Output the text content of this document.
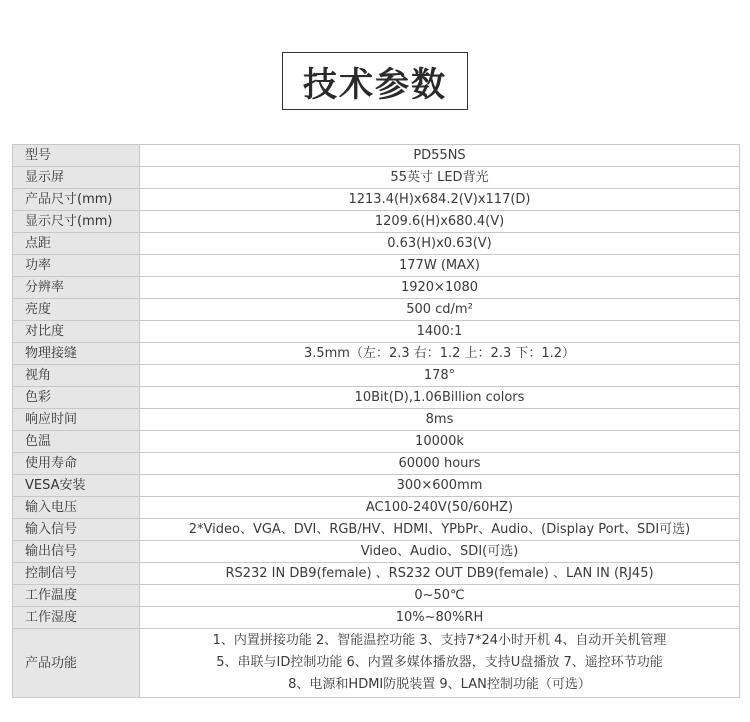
技术参数
型号	PD55NS
显示屏	55英寸 LED背光
产品尺寸(mm)	1213.4(H)x684.2(V)x117(D)
显示尺寸(mm)	1209.6(H)x680.4(V)
点距	0.63(H)x0.63(V)
功率	177W (MAX)
分辨率	1920×1080
亮度	500 cd/m²
对比度	1400:1
物理接缝	3.5mm（左：2.3 右：1.2 上：2.3 下：1.2）
视角	178°
色彩	10Bit(D),1.06Billion colors
响应时间	8ms
色温	10000k
使用寿命	60000 hours
VESA安装	300×600mm
输入电压	AC100-240V(50/60HZ)
输入信号	2*Video、VGA、DVI、RGB/HV、HDMI、YPbPr、Audio、(Display Port、SDI可选)
输出信号	Video、Audio、SDI(可选)
控制信号	RS232 IN DB9(female) 、RS232 OUT DB9(female) 、LAN IN (RJ45)
工作温度	0~50℃
工作湿度	10%~80%RH
产品功能	1、内置拼接功能 2、智能温控功能 3、支持7*24小时开机 4、自动开关机管理
5、串联与ID控制功能 6、内置多媒体播放器，支持U盘播放 7、遥控环节功能
8、电源和HDMI防脱装置 9、LAN控制功能（可选）
